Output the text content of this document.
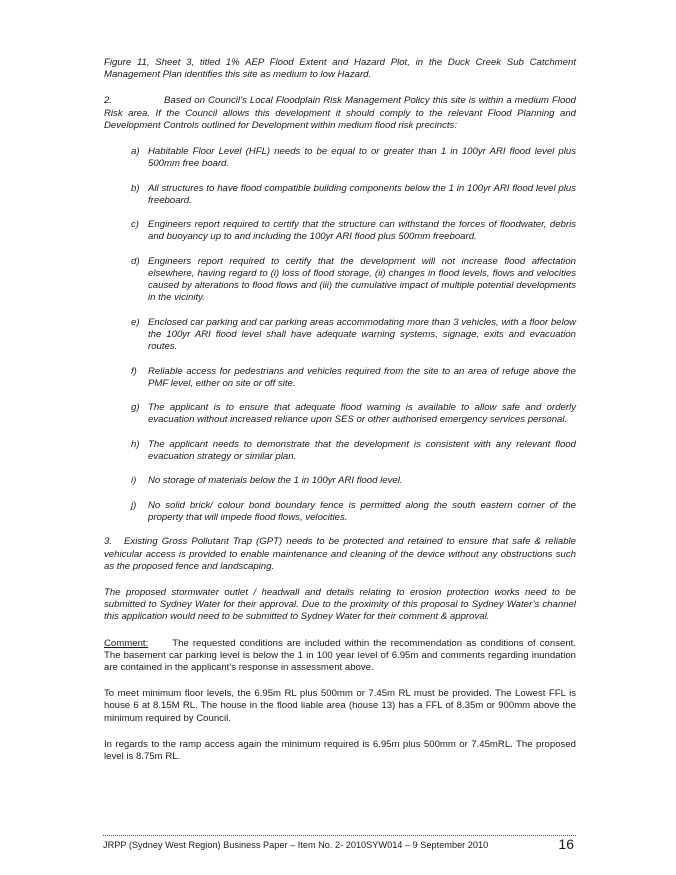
Figure 11, Sheet 3, titled 1% AEP Flood Extent and Hazard Plot, in the Duck Creek Sub Catchment Management Plan identifies this site as medium to low Hazard.

2.	Based on Council’s Local Floodplain Risk Management Policy this site is within a medium Flood Risk area. If the Council allows this development it should comply to the relevant Flood Planning and Development Controls outlined for Development within medium flood risk precincts:

a) Habitable Floor Level (HFL) needs to be equal to or greater than 1 in 100yr ARI flood level plus 500mm free board.
b) All structures to have flood compatible building components below the 1 in 100yr ARI flood level plus freeboard.
c) Engineers report required to certify that the structure can withstand the forces of floodwater, debris and buoyancy up to and including the 100yr ARI flood plus 500mm freeboard.
d) Engineers report required to certify that the development will not increase flood affectation elsewhere, having regard to (i) loss of flood storage, (ii) changes in flood levels, flows and velocities caused by alterations to flood flows and (iii) the cumulative impact of multiple potential developments in the vicinity.
e) Enclosed car parking and car parking areas accommodating more than 3 vehicles, with a floor below the 100yr ARI flood level shall have adequate warning systems, signage, exits and evacuation routes.
f) Reliable access for pedestrians and vehicles required from the site to an area of refuge above the PMF level, either on site or off site.
g) The applicant is to ensure that adequate flood warning is available to allow safe and orderly evacuation without increased reliance upon SES or other authorised emergency services personal.
h) The applicant needs to demonstrate that the development is consistent with any relevant flood evacuation strategy or similar plan.
i) No storage of materials below the 1 in 100yr ARI flood level.
j) No solid brick/ colour bond boundary fence is permitted along the south eastern corner of the property that will impede flood flows, velocities.

3. Existing Gross Pollutant Trap (GPT) needs to be protected and retained to ensure that safe & reliable vehicular access is provided to enable maintenance and cleaning of the device without any obstructions such as the proposed fence and landscaping.

The proposed stormwater outlet / headwall and details relating to erosion protection works need to be submitted to Sydney Water for their approval. Due to the proximity of this proposal to Sydney Water’s channel this application would need to be submitted to Sydney Water for their comment & approval.

Comment:	The requested conditions are included within the recommendation as conditions of consent. The basement car parking level is below the 1 in 100 year level of 6.95m and comments regarding inundation are contained in the applicant’s response in assessment above.

To meet minimum floor levels, the 6.95m RL plus 500mm or 7.45m RL must be provided. The Lowest FFL is house 6 at 8.15M RL. The house in the flood liable area (house 13) has a FFL of 8.35m or 900mm above the minimum required by Council.

In regards to the ramp access again the minimum required is 6.95m plus 500mm or 7.45mRL. The proposed level is 8.75m RL.

JRPP (Sydney West Region) Business Paper – Item No. 2- 2010SYW014 – 9 September 2010	16
